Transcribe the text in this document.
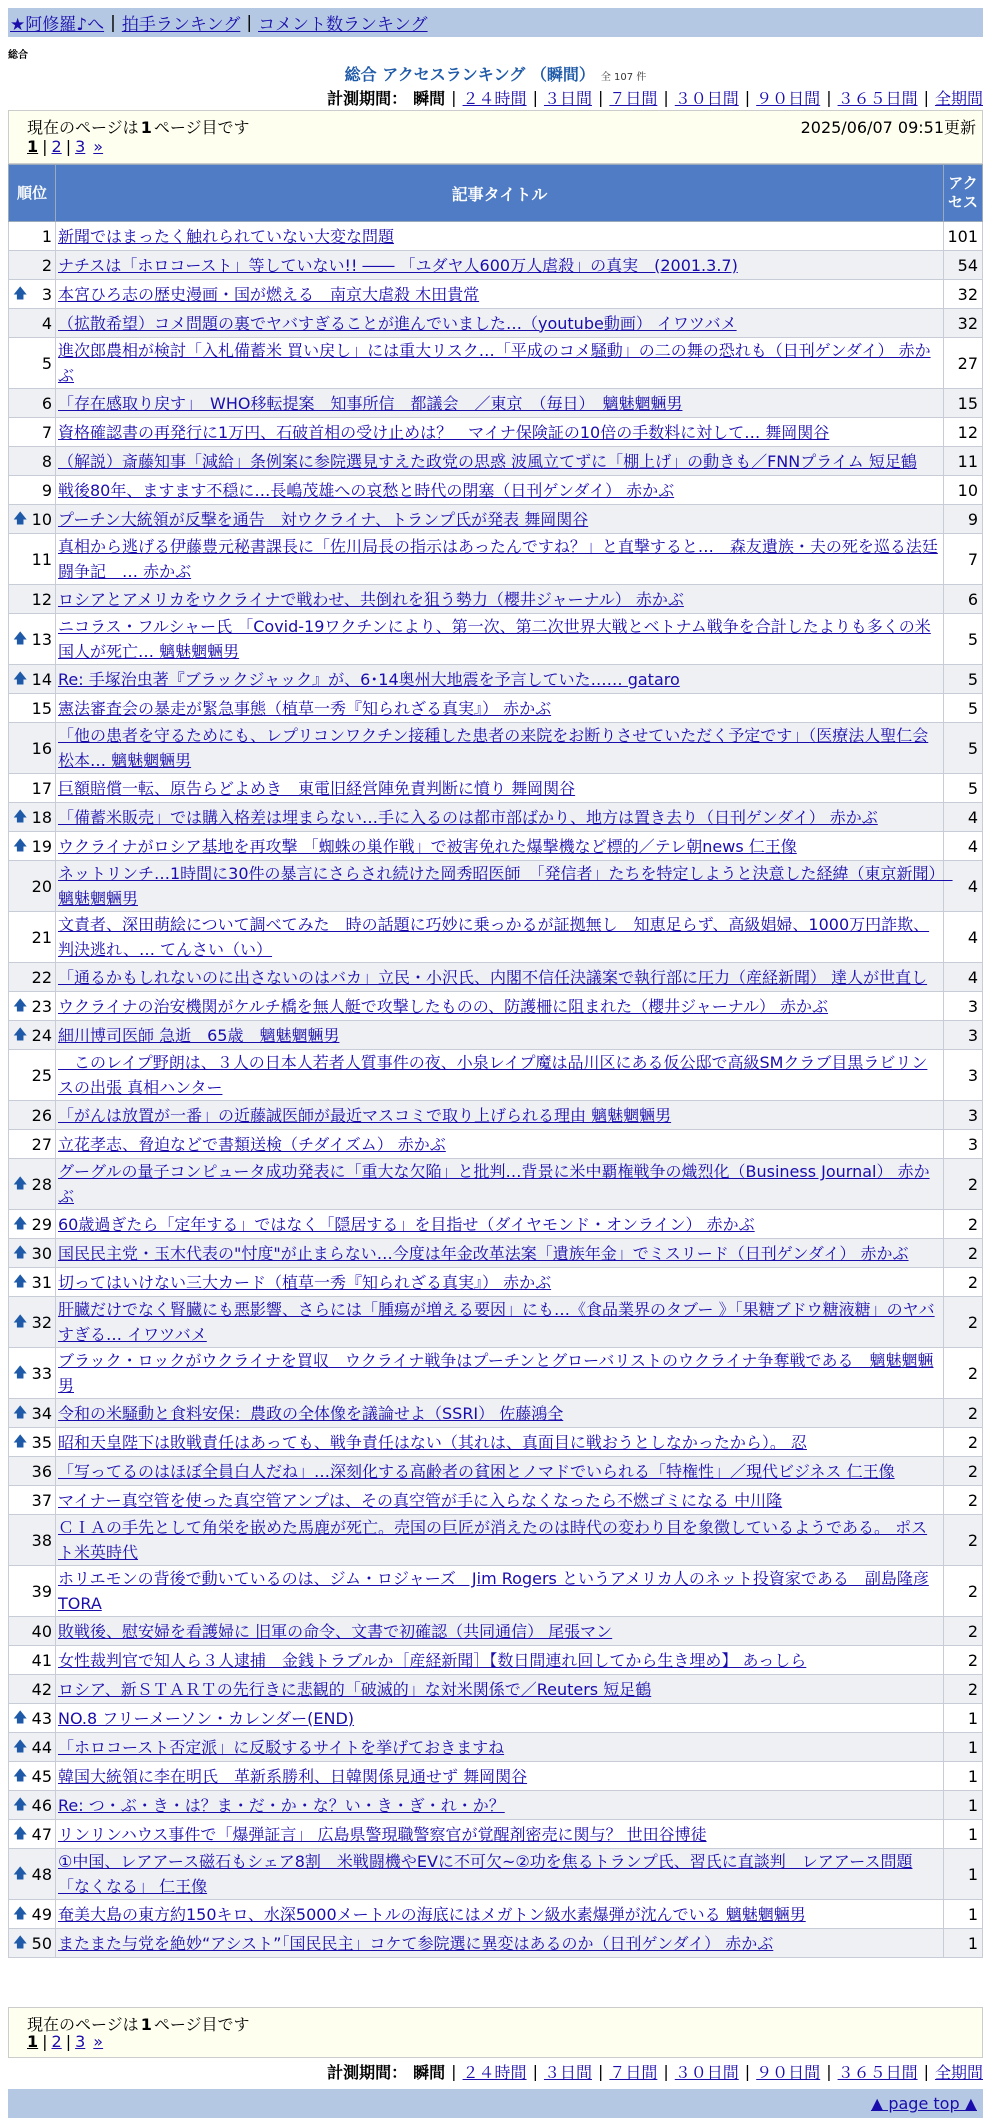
★阿修羅♪へ | 拍手ランキング | コメント数ランキング
総合
総合 アクセスランキング （瞬間） 全 107 件
計測期間： 瞬間 | ２４時間 | ３日間 | ７日間 | ３０日間 | ９０日間 | ３６５日間 | 全期間
現在のページは 1 ページ目です	2025/06/07 09:51更新
1 | 2 | 3 »
順位	記事タイトル	アクセス
1	新聞ではまったく触れられていない大変な問題	101
2	ナチスは「ホロコースト」等していない!! ―― 「ユダヤ人600万人虐殺」の真実　(2001.3.7)	54

🡅 3	本宮ひろ志の歴史漫画・国が燃える　南京大虐殺 木田貴常	32
4	（拡散希望）コメ問題の裏でヤバすぎることが進んでいました…（youtube動画） イワツバメ	32
5	進次郎農相が検討「入札備蓄米 買い戻し」には重大リスク…「平成のコメ騒動」の二の舞の恐れも（日刊ゲンダイ） 赤かぶ	27
6	「存在感取り戻す」　WHO移転提案　知事所信　都議会　／東京　（毎日）　魑魅魍魎男	15
7	資格確認書の再発行に1万円、石破首相の受け止めは？　マイナ保険証の10倍の手数料に対して… 舞岡関谷	12
8	（解説）斎藤知事「減給」条例案に参院選見すえた政党の思惑 波風立てずに「棚上げ」の動きも／FNNプライム 短足鶴	11
9	戦後80年、ますます不穏に…長嶋茂雄への哀愁と時代の閉塞（日刊ゲンダイ） 赤かぶ	10

🡅 10	プーチン大統領が反撃を通告　対ウクライナ、トランプ氏が発表 舞岡関谷	9
11	真相から逃げる伊藤豊元秘書課長に「佐川局長の指示はあったんですね？」と直撃すると…　森友遺族・夫の死を巡る法廷闘争記　… 赤かぶ	7
12	ロシアとアメリカをウクライナで戦わせ、共倒れを狙う勢力（櫻井ジャーナル） 赤かぶ	6

🡅 13	ニコラス・フルシャー氏 「Covid-19ワクチンにより、第一次、第二次世界大戦とベトナム戦争を合計したよりも多くの米国人が死亡… 魑魅魍魎男	5

🡅 14	Re: 手塚治虫著『ブラックジャック』が、6･14奥州大地震を予言していた…… gataro	5
15	憲法審査会の暴走が緊急事態（植草一秀『知られざる真実』） 赤かぶ	5
16	「他の患者を守るためにも、レプリコンワクチン接種した患者の来院をお断りさせていただく予定です」（医療法人聖仁会松本… 魑魅魍魎男	5
17	巨額賠償一転、原告らどよめき　東電旧経営陣免責判断に憤り 舞岡関谷	5

🡅 18	「備蓄米販売」では購入格差は埋まらない…手に入るのは都市部ばかり、地方は置き去り（日刊ゲンダイ） 赤かぶ	4

🡅 19	ウクライナがロシア基地を再攻撃 「蜘蛛の巣作戦」で被害免れた爆撃機など標的／テレ朝news 仁王像	4
20	ネットリンチ…1時間に30件の暴言にさらされ続けた岡秀昭医師　「発信者」たちを特定しようと決意した経緯（東京新聞）　魑魅魍魎男	4
21	文責者、深田萌絵について調べてみた　時の話題に巧妙に乗っかるが証拠無し　知恵足らず、高級娼婦、1000万円詐欺、判決逃れ、… てんさい（い）	4
22	「通るかもしれないのに出さないのはバカ」立民・小沢氏、内閣不信任決議案で執行部に圧力（産経新聞） 達人が世直し	4

🡅 23	ウクライナの治安機関がケルチ橋を無人艇で攻撃したものの、防護柵に阻まれた（櫻井ジャーナル） 赤かぶ	3

🡅 24	細川博司医師 急逝　65歳　魑魅魍魎男	3
25	　このレイプ野朗は、３人の日本人若者人質事件の夜、小泉レイプ魔は品川区にある仮公邸で高級SMクラブ目黒ラビリンスの出張 真相ハンター	3
26	「がんは放置が一番」の近藤誠医師が最近マスコミで取り上げられる理由 魑魅魍魎男	3
27	立花孝志、脅迫などで書類送検（チダイズム） 赤かぶ	3

🡅 28	グーグルの量子コンピュータ成功発表に「重大な欠陥」と批判…背景に米中覇権戦争の熾烈化（Business Journal） 赤かぶ	2

🡅 29	60歳過ぎたら「定年する」ではなく「隠居する」を目指せ（ダイヤモンド・オンライン） 赤かぶ	2

🡅 30	国民民主党・玉木代表の"忖度"が止まらない…今度は年金改革法案「遺族年金」でミスリード（日刊ゲンダイ） 赤かぶ	2

🡅 31	切ってはいけない三大カード（植草一秀『知られざる真実』） 赤かぶ	2

🡅 32	肝臓だけでなく腎臓にも悪影響、さらには「腫瘍が増える要因」にも…《食品業界のタブー 》「果糖ブドウ糖液糖」のヤバすぎる… イワツバメ	2

🡅 33	ブラック・ロックがウクライナを買収　ウクライナ戦争はプーチンとグローバリストのウクライナ争奪戦である　魑魅魍魎男	2

🡅 34	令和の米騒動と食料安保：農政の全体像を議論せよ（SSRI） 佐藤鴻全	2

🡅 35	昭和天皇陛下は敗戦責任はあっても、戦争責任はない（其れは、真面目に戦おうとしなかったから）。 忍	2
36	「写ってるのはほぼ全員白人だね」…深刻化する高齢者の貧困とノマドでいられる「特権性」／現代ビジネス 仁王像	2
37	マイナー真空管を使った真空管アンプは、その真空管が手に入らなくなったら不燃ゴミになる 中川隆	2
38	ＣＩＡの手先として角栄を嵌めた馬鹿が死亡。売国の巨匠が消えたのは時代の変わり目を象徴しているようである。 ポスト米英時代	2
39	ホリエモンの背後で動いているのは、ジム・ロジャーズ　Jim Rogers というアメリカ人のネット投資家である　副島隆彦 TORA	2
40	敗戦後、慰安婦を看護婦に 旧軍の命令、文書で初確認（共同通信） 尾張マン	2
41	女性裁判官で知人ら３人逮捕　金銭トラブルか［産経新聞］【数日間連れ回してから生き埋め】 あっしら	2
42	ロシア、新ＳＴＡＲＴの先行きに悲観的「破滅的」な対米関係で／Reuters 短足鶴	2

🡅 43	NO.8 フリーメーソン・カレンダー(END)	1

🡅 44	「ホロコースト否定派」に反駁するサイトを挙げておきますね	1

🡅 45	韓国大統領に李在明氏　革新系勝利、日韓関係見通せず 舞岡関谷	1

🡅 46	Re: つ・ぶ・き・は？ま・だ・か・な？い・き・ぎ・れ・か？	1

🡅 47	リンリンハウス事件で「爆弾証言」 広島県警現職警察官が覚醒剤密売に関与？ 世田谷博徒	1

🡅 48	①中国、レアアース磁石もシェア8割　米戦闘機やEVに不可欠~②功を焦るトランプ氏、習氏に直談判　レアアース問題「なくなる」 仁王像	1

🡅 49	奄美大島の東方約150キロ、水深5000メートルの海底にはメガトン級水素爆弾が沈んでいる 魑魅魍魎男	1

🡅 50	またまた与党を絶妙“アシスト”「国民民主」コケて参院選に異変はあるのか（日刊ゲンダイ） 赤かぶ	1
現在のページは 1 ページ目です
1 | 2 | 3 »
計測期間： 瞬間 | ２４時間 | ３日間 | ７日間 | ３０日間 | ９０日間 | ３６５日間 | 全期間
▲ page top ▲
